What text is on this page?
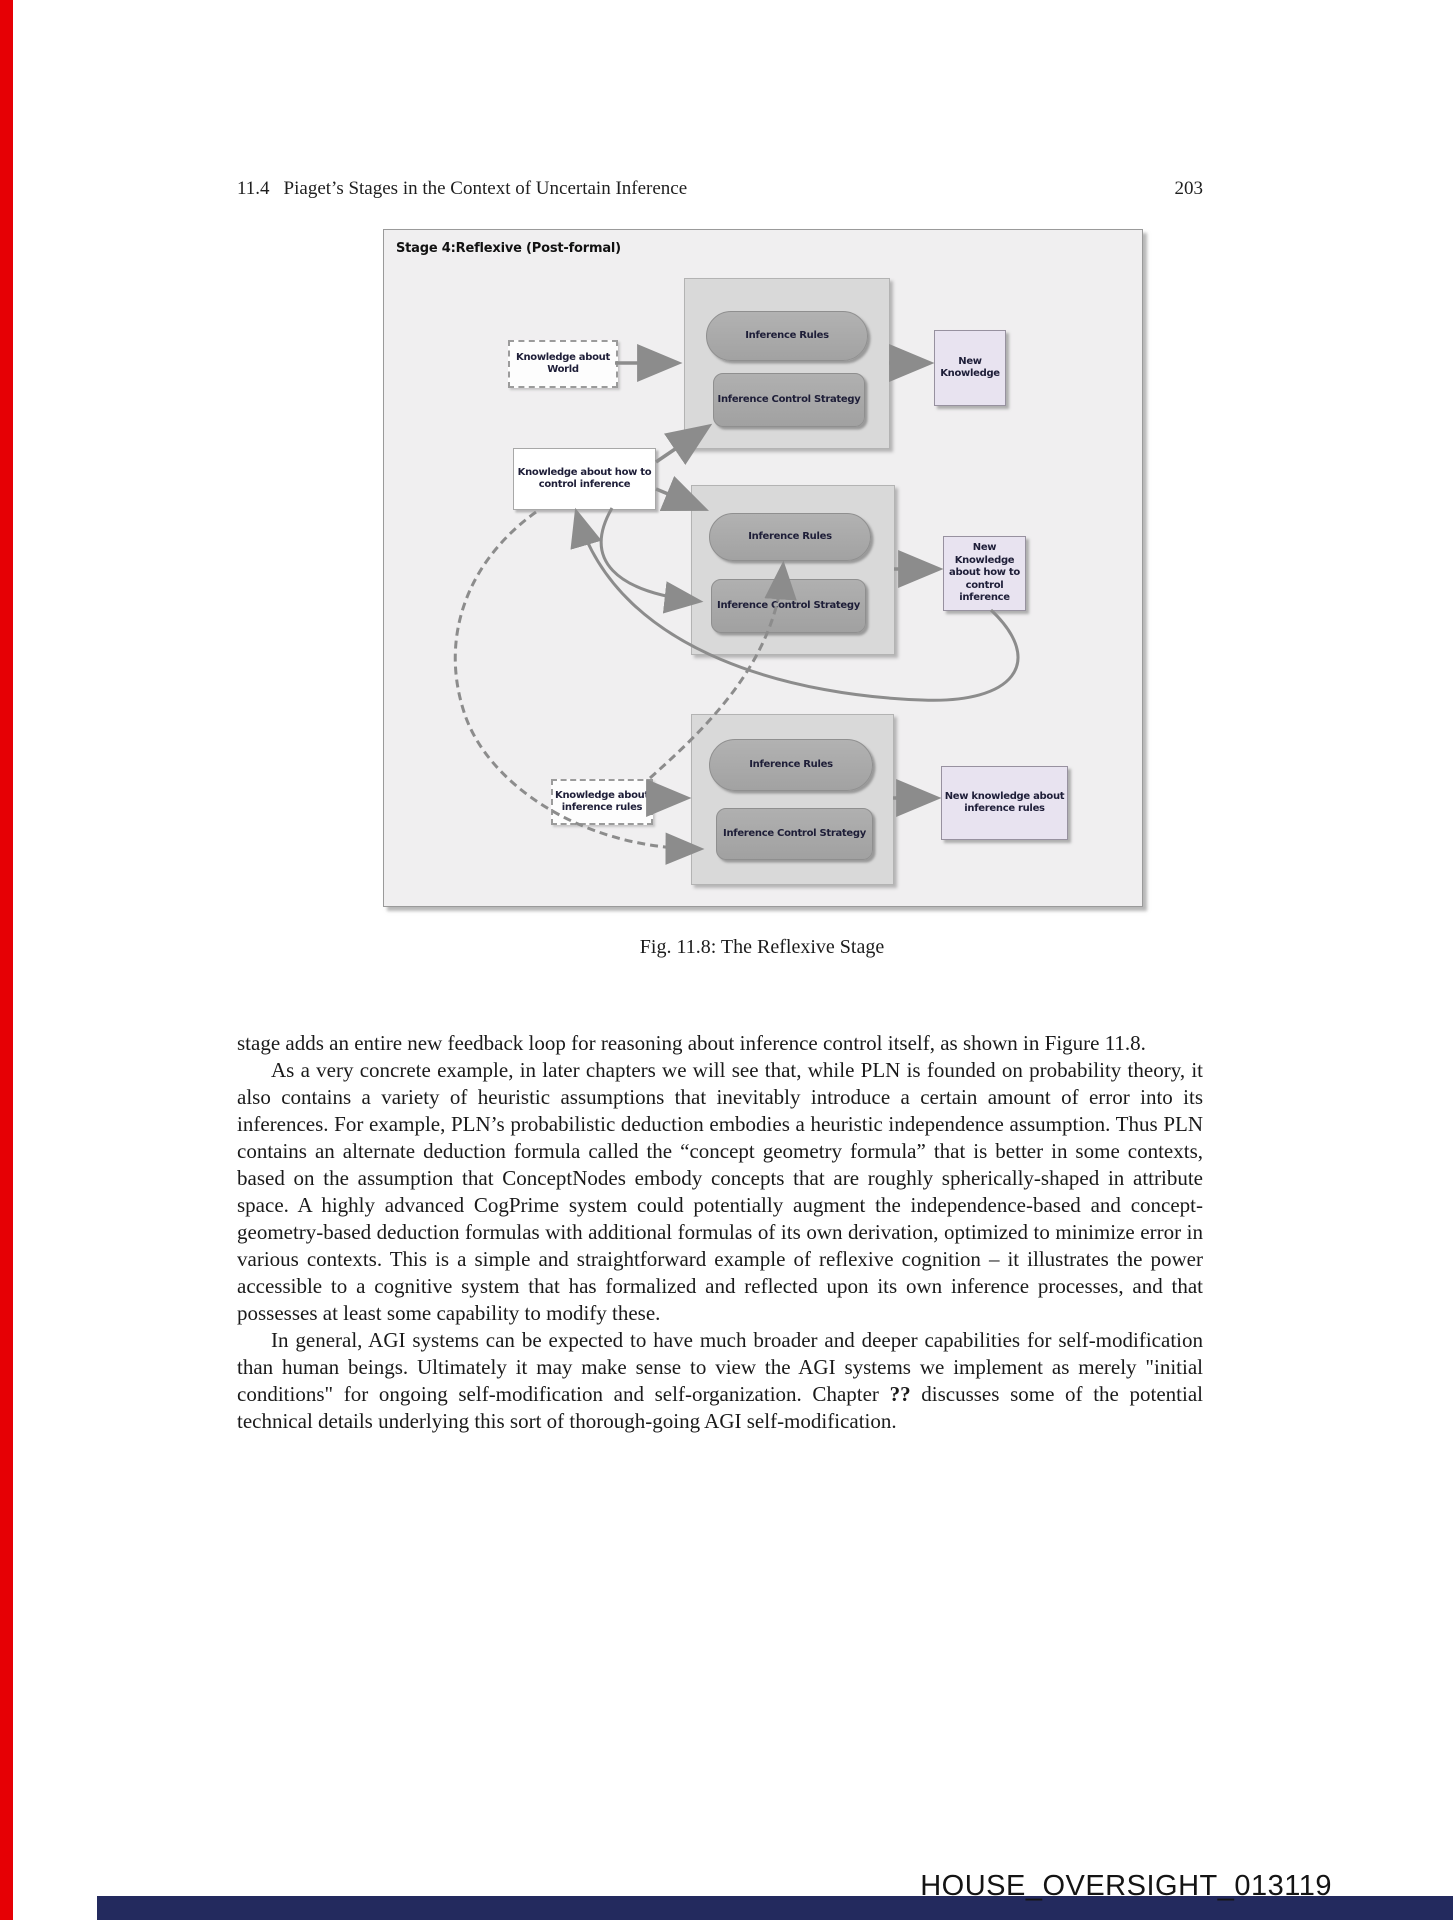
11.4 Piaget’s Stages in the Context of Uncertain Inference	203
Stage 4:Reflexive (Post-formal)
Inference Rules
Inference Control Strategy
Inference Rules
Inference Control Strategy
Inference Rules
Inference Control Strategy
Knowledge about World
Knowledge about how to control inference
Knowledge about inference rules
New Knowledge
New Knowledge about how to control inference
New knowledge about inference rules
Fig. 11.8: The Reflexive Stage

stage adds an entire new feedback loop for reasoning about inference control itself, as shown in Figure 11.8.

As a very concrete example, in later chapters we will see that, while PLN is founded on probability theory, it also contains a variety of heuristic assumptions that inevitably introduce a certain amount of error into its inferences. For example, PLN’s probabilistic deduction embodies a heuristic independence assumption. Thus PLN contains an alternate deduction formula called the “concept geometry formula” that is better in some contexts, based on the assumption that ConceptNodes embody concepts that are roughly spherically-shaped in attribute space. A highly advanced CogPrime system could potentially augment the independence-based and concept-geometry-based deduction formulas with additional formulas of its own derivation, optimized to minimize error in various contexts. This is a simple and straightforward example of reflexive cognition – it illustrates the power accessible to a cognitive system that has formalized and reflected upon its own inference processes, and that possesses at least some capability to modify these.

In general, AGI systems can be expected to have much broader and deeper capabilities for self-modification than human beings. Ultimately it may make sense to view the AGI systems we implement as merely "initial conditions" for ongoing self-modification and self-organization. Chapter ?? discusses some of the potential technical details underlying this sort of thorough-going AGI self-modification.

HOUSE_OVERSIGHT_013119
